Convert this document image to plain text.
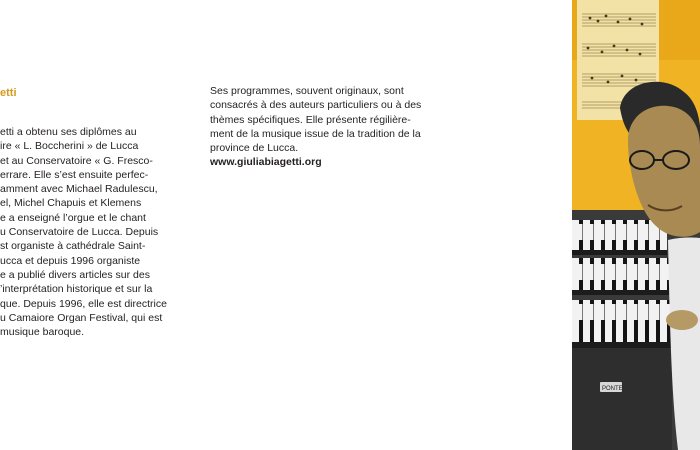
etti
etti a obtenu ses diplômes au
ire « L. Boccherini » de Lucca
et au Conservatoire « G. Fresco-
errare. Elle s’est ensuite perfec-
amment avec Michael Radulescu,
el, Michel Chapuis et Klemens
e a enseigné l’orgue et le chant
u Conservatoire de Lucca. Depuis
st organiste à cathédrale Saint-
ucca et depuis 1996 organiste
e a publié divers articles sur des
’interprétation historique et sur la
que. Depuis 1996, elle est directrice
u Camaiore Organ Festival, qui est
musique baroque.
Ses programmes, souvent originaux, sont
consacrés à des auteurs particuliers ou à des
thèmes spécifiques. Elle présente régilière-
ment de la musique issue de la tradition de la
province de Lucca.
www.giuliabiagetti.org
PONTE
